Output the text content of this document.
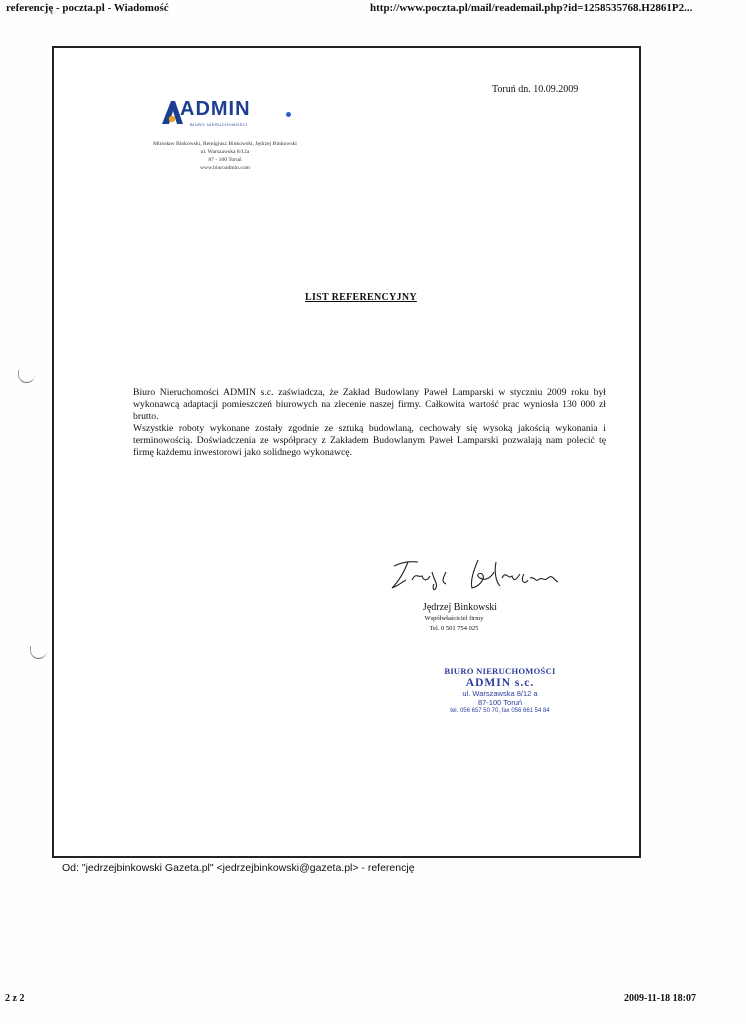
referencję - poczta.pl - Wiadomość	http://www.poczta.pl/mail/reademail.php?id=1258535768.H2861P2...
Toruń dn. 10.09.2009
ADMIN
BIURO NIERUCHOMOŚCI
Mirosław Binkowski, Remigiusz Binkowski, Jędrzej Binkowski
ul. Warszawska 8/12a
87 - 100 Toruń
www.biuroadmin.com
LIST REFERENCYJNY

Biuro Nieruchomości ADMIN s.c. zaświadcza, że Zakład Budowlany Paweł Lamparski w styczniu 2009 roku był wykonawcą adaptacji pomieszczeń biurowych na zlecenie naszej firmy. Całkowita wartość prac wyniosła 130 000 zł brutto.

Wszystkie roboty wykonane zostały zgodnie ze sztuką budowlaną, cechowały się wysoką jakością wykonania i terminowością. Doświadczenia ze współpracy z Zakładem Budowlanym Paweł Lamparski pozwalają nam polecić tę firmę każdemu inwestorowi jako solidnego wykonawcę.

Jędrzej Binkowski
Współwłaściciel firmy
Tel. 0 501 754 025
BIURO NIERUCHOMOŚCI
ADMIN s.c.
ul. Warszawska 8/12 a
87-100 Toruń
tel. 056 657 50 70, fax 056 661 54 84
Od: "jedrzejbinkowski Gazeta.pl" <jedrzejbinkowski@gazeta.pl> - referencję
2 z 2	2009-11-18 18:07
